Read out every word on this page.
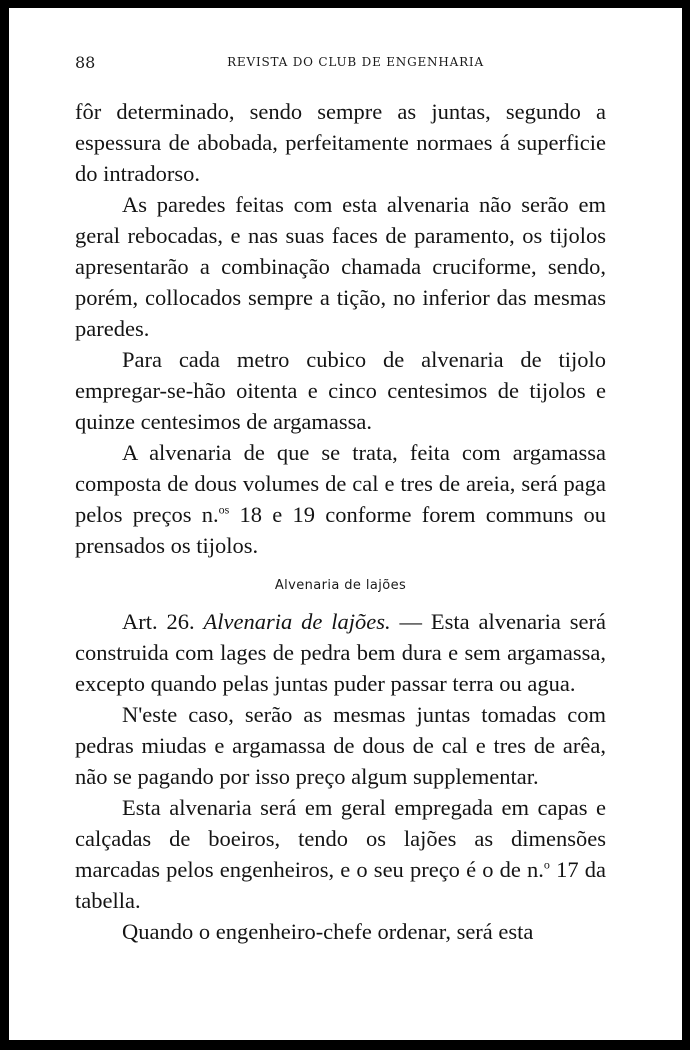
88	REVISTA DO CLUB DE ENGENHARIA

fôr determinado, sendo sempre as juntas, segundo a espessura de abobada, perfeitamente normaes á superficie do intradorso.

As paredes feitas com esta alvenaria não serão em geral rebocadas, e nas suas faces de paramento, os tijolos apresentarão a combinação chamada cruciforme, sendo, porém, collocados sempre a tição, no inferior das mesmas paredes.

Para cada metro cubico de alvenaria de tijolo empregar-se-hão oitenta e cinco centesimos de tijolos e quinze centesimos de argamassa.

A alvenaria de que se trata, feita com argamassa composta de dous volumes de cal e tres de areia, será paga pelos preços n.$^{os}$ 18 e 19 conforme forem communs ou prensados os tijolos.

Alvenaria de lajões

Art. 26. Alvenaria de lajões. — Esta alvenaria será construida com lages de pedra bem dura e sem argamassa, excepto quando pelas juntas puder passar terra ou agua.

N'este caso, serão as mesmas juntas tomadas com pedras miudas e argamassa de dous de cal e tres de arêa, não se pagando por isso preço algum supplementar.

Esta alvenaria será em geral empregada em capas e calçadas de boeiros, tendo os lajões as dimensões marcadas pelos engenheiros, e o seu preço é o de n.$^o$ 17 da tabella.

Quando o engenheiro-chefe ordenar, será esta
